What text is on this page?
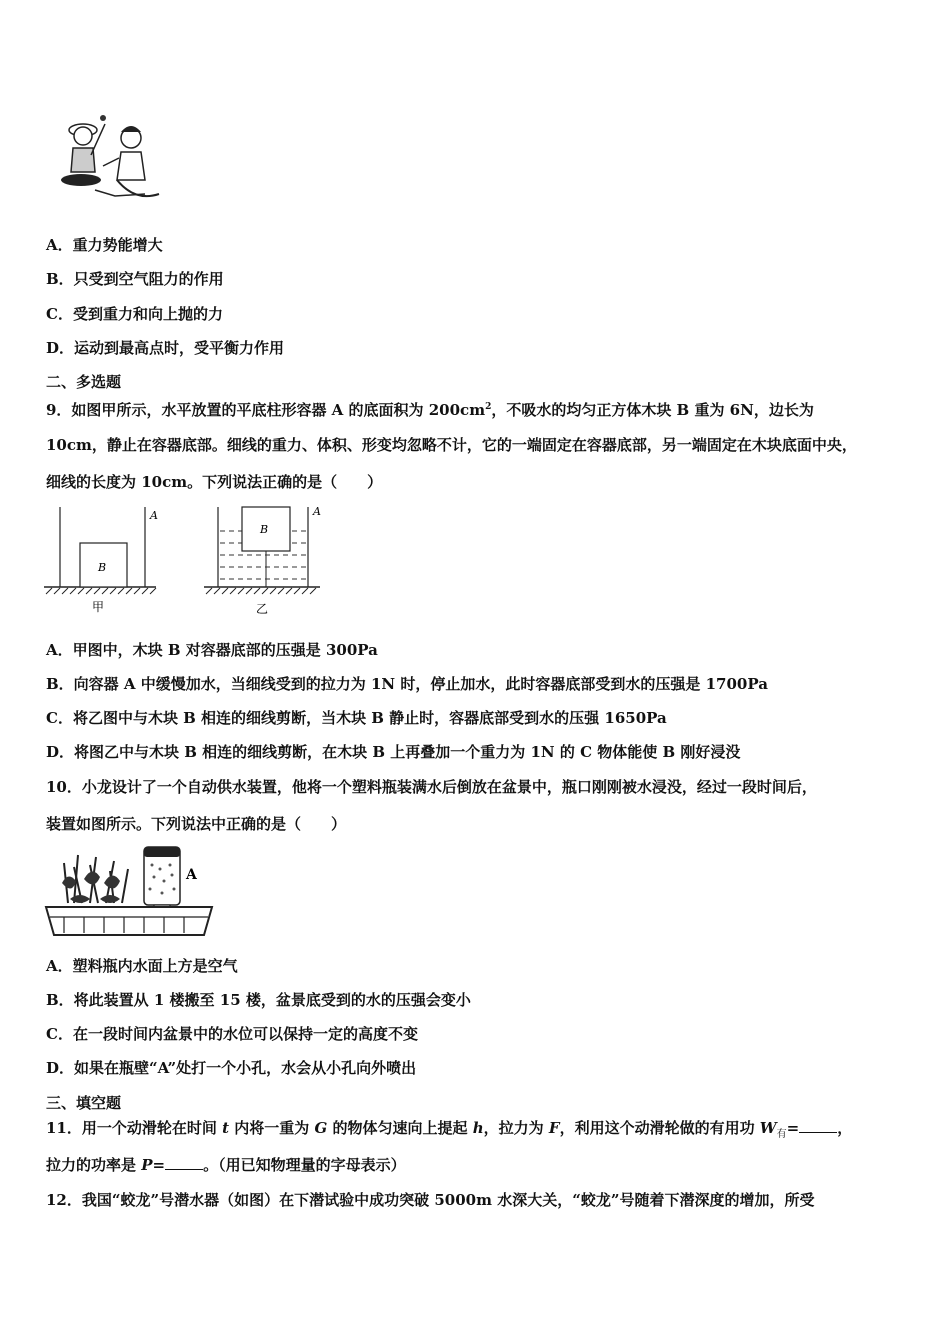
A．重力势能增大
B．只受到空气阻力的作用
C．受到重力和向上抛的力
D．运动到最高点时，受平衡力作用
二、多选题
9．如图甲所示，水平放置的平底柱形容器 A 的底面积为 $200cm^2$，不吸水的均匀正方体木块 B 重为 6N，边长为
10cm，静止在容器底部。细线的重力、体积、形变均忽略不计，它的一端固定在容器底部，另一端固定在木块底面中央，
细线的长度为 10cm。下列说法正确的是（　　）
B
A
甲
B
A
乙
A．甲图中，木块 B 对容器底部的压强是 300Pa
B．向容器 A 中缓慢加水，当细线受到的拉力为 1N 时，停止加水，此时容器底部受到水的压强是 1700Pa
C．将乙图中与木块 B 相连的细线剪断，当木块 B 静止时，容器底部受到水的压强 1650Pa
D．将图乙中与木块 B 相连的细线剪断，在木块 B 上再叠加一个重力为 1N 的 C 物体能使 B 刚好浸没
10．小龙设计了一个自动供水装置，他将一个塑料瓶装满水后倒放在盆景中，瓶口刚刚被水浸没，经过一段时间后，
装置如图所示。下列说法中正确的是（　　）
A
A．塑料瓶内水面上方是空气
B．将此装置从 1 楼搬至 15 楼，盆景底受到的水的压强会变小
C．在一段时间内盆景中的水位可以保持一定的高度不变
D．如果在瓶壁“A”处打一个小孔，水会从小孔向外喷出
三、填空题
11．用一个动滑轮在时间 t 内将一重为 G 的物体匀速向上提起 h，拉力为 F，利用这个动滑轮做的有用功 $W_有=$	，
拉力的功率是 P=	。（用已知物理量的字母表示）
12．我国“蛟龙”号潜水器（如图）在下潜试验中成功突破 5000m 水深大关，“蛟龙”号随着下潜深度的增加，所受
